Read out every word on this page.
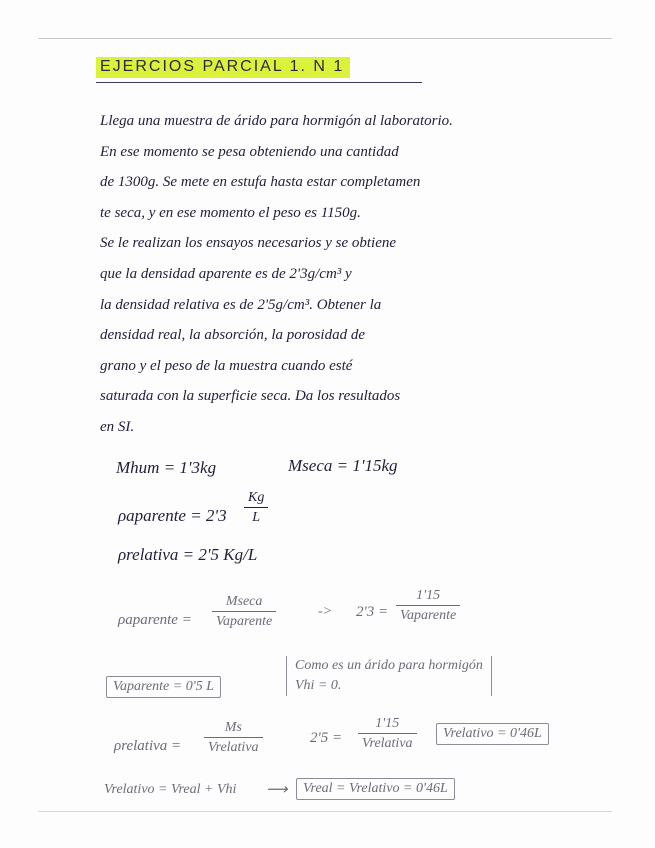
EJERCIOS PARCIAL 1. N 1
Llega una muestra de árido para hormigón al laboratorio.
En ese momento se pesa obteniendo una cantidad
de 1300g. Se mete en estufa hasta estar completamen
te seca, y en ese momento el peso es 1150g.
Se le realizan los ensayos necesarios y se obtiene
que la densidad aparente es de 2'3g/cm³ y
la densidad relativa es de 2'5g/cm³. Obtener la
densidad real, la absorción, la porosidad de
grano y el peso de la muestra cuando esté
saturada con la superficie seca. Da los resultados
en SI.
Mhum = 1'3kg	Mseca = 1'15kg
ρaparente = 2'3
Kg
L
ρrelativa = 2'5 Kg/L
ρaparente =
Mseca
Vaparente
-> 2'3 =
1'15
Vaparente
Vaparente = 0'5 L
Como es un árido para hormigón
Vhi = 0.
ρrelativa =
Ms
Vrelativa
2'5 =
1'15
Vrelativa
Vrelativo = 0'46L
Vrelativo = Vreal + Vhi ⟶	Vreal = Vrelativo = 0'46L
